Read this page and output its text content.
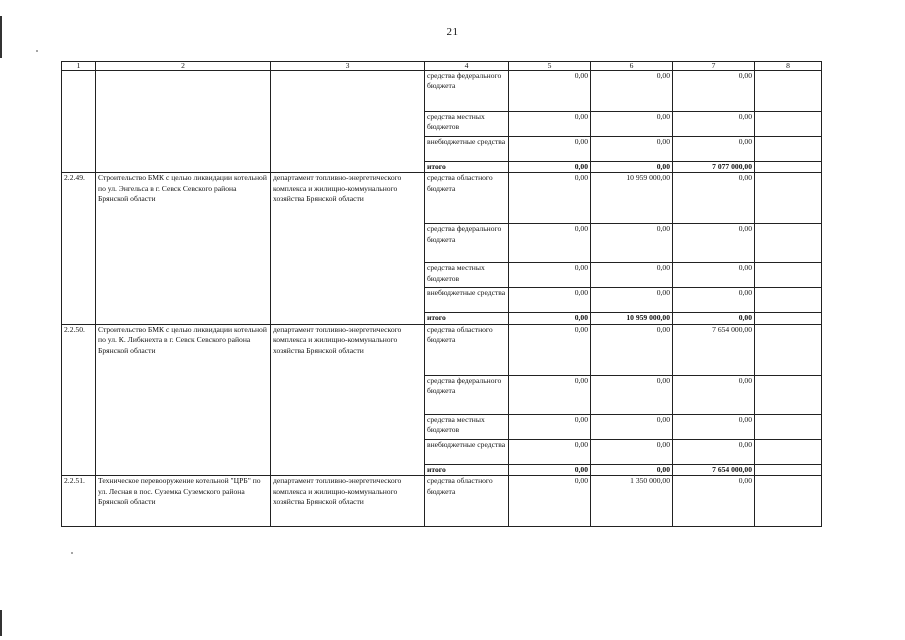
21
1	2	3	4	5	6	7	8
			средства федерального бюджета	0,00	0,00	0,00	
			средства местных бюджетов	0,00	0,00	0,00	
			внебюджетные средства	0,00	0,00	0,00	
			итого	0,00	0,00	7 077 000,00	
2.2.49.	Строительство БМК с целью ликвидации котельной по ул. Энгельса в г. Севск Севского района Брянской области	департамент топливно-энергетического комплекса и жилищно-коммунального хозяйства Брянской области	средства областного бюджета	0,00	10 959 000,00	0,00	
			средства федерального бюджета	0,00	0,00	0,00	
			средства местных бюджетов	0,00	0,00	0,00	
			внебюджетные средства	0,00	0,00	0,00	
			итого	0,00	10 959 000,00	0,00	
2.2.50.	Строительство БМК с целью ликвидации котельной по ул. К. Либкнехта в г. Севск Севского района Брянской области	департамент топливно-энергетического комплекса и жилищно-коммунального хозяйства Брянской области	средства областного бюджета	0,00	0,00	7 654 000,00	
			средства федерального бюджета	0,00	0,00	0,00	
			средства местных бюджетов	0,00	0,00	0,00	
			внебюджетные средства	0,00	0,00	0,00	
			итого	0,00	0,00	7 654 000,00	
2.2.51.	Техническое перевооружение котельной "ЦРБ" по ул. Лесная в пос. Суземка Суземского района Брянской области	департамент топливно-энергетического комплекса и жилищно-коммунального хозяйства Брянской области	средства областного бюджета	0,00	1 350 000,00	0,00	
